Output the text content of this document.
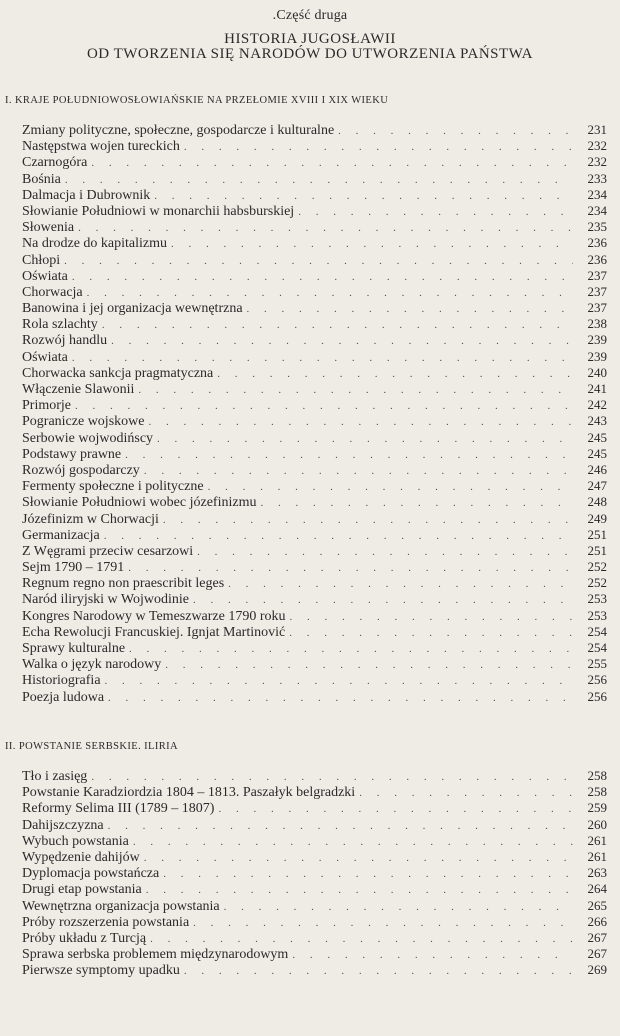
.Część druga
HISTORIA JUGOSŁAWII
OD TWORZENIA SIĘ NARODÓW DO UTWORZENIA PAŃSTWA
I. KRAJE POŁUDNIOWOSŁOWIAŃSKIE NA PRZEŁOMIE XVIII I XIX WIEKU
Zmiany polityczne, społeczne, gospodarcze i kulturalne . . .	231
Następstwa wojen tureckich . . .	232
Czarnogóra . . .	232
Bośnia . . .	233
Dalmacja i Dubrownik . . .	234
Słowianie Południowi w monarchii habsburskiej . . .	234
Słowenia . . .	235
Na drodze do kapitalizmu . . .	236
Chłopi . . .	236
Oświata . . .	237
Chorwacja . . .	237
Banowina i jej organizacja wewnętrzna . . .	237
Rola szlachty . . .	238
Rozwój handlu . . .	239
Oświata . . .	239
Chorwacka sankcja pragmatyczna . . .	240
Włączenie Slawonii . . .	241
Primorje . . .	242
Pogranicze wojskowe . . .	243
Serbowie wojwodińscy . . .	245
Podstawy prawne . . .	245
Rozwój gospodarczy . . .	246
Fermenty społeczne i polityczne . . .	247
Słowianie Południowi wobec józefinizmu . . .	248
Józefinizm w Chorwacji . . .	249
Germanizacja . . .	251
Z Węgrami przeciw cesarzowi . . .	251
Sejm 1790 – 1791 . . .	252
Regnum regno non praescribit leges . . .	252
Naród iliryjski w Wojwodinie . . .	253
Kongres Narodowy w Temeszwarze 1790 roku . . .	253
Echa Rewolucji Francuskiej. Ignjat Martinović . . .	254
Sprawy kulturalne . . .	254
Walka o język narodowy . . .	255
Historiografia . . .	256
Poezja ludowa . . .	256
II. POWSTANIE SERBSKIE. ILIRIA
Tło i zasięg . . .	258
Powstanie Karadziordzia 1804 – 1813. Paszałyk belgradzki . . .	258
Reformy Selima III (1789 – 1807) . . .	259
Dahijszczyzna . . .	260
Wybuch powstania . . .	261
Wypędzenie dahijów . . .	261
Dyplomacja powstańcza . . .	263
Drugi etap powstania . . .	264
Wewnętrzna organizacja powstania . . .	265
Próby rozszerzenia powstania . . .	266
Próby układu z Turcją . . .	267
Sprawa serbska problemem międzynarodowym . . .	267
Pierwsze symptomy upadku . . .	269
